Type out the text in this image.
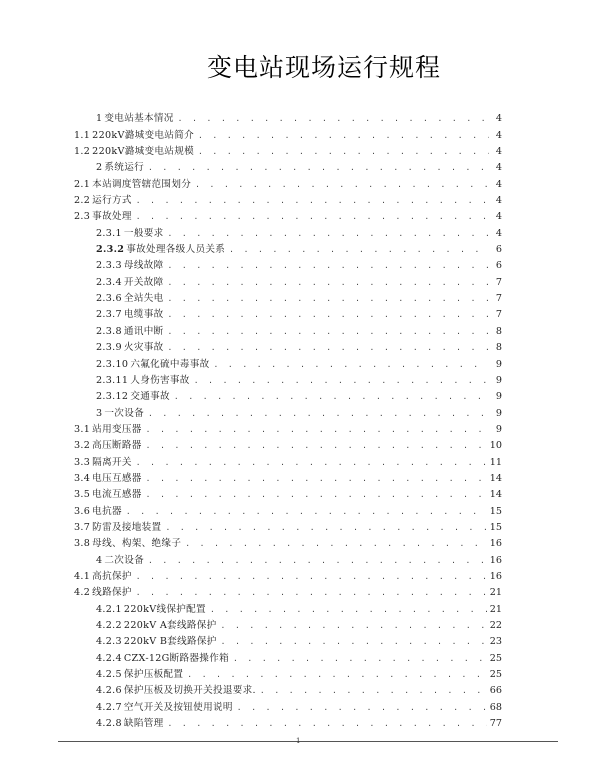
变电站现场运行规程
1 变电站基本情况 . . .	4
1.1 220kV潞城变电站简介 . . .	4
1.2 220kV潞城变电站规模 . . .	4
2 系统运行 . . .	4
2.1 本站调度管辖范围划分 . . .	4
2.2 运行方式 . . .	4
2.3 事故处理 . . .	4
2.3.1 一般要求 . . .	4
2.3.2 事故处理各级人员关系 . . .	6
2.3.3 母线故障 . . .	6
2.3.4 开关故障 . . .	7
2.3.6 全站失电 . . .	7
2.3.7 电缆事故 . . .	7
2.3.8 通讯中断 . . .	8
2.3.9 火灾事故 . . .	8
2.3.10 六氟化硫中毒事故 . . .	9
2.3.11 人身伤害事故 . . .	9
2.3.12 交通事故 . . .	9
3 一次设备 . . .	9
3.1 站用变压器 . . .	9
3.2 高压断路器 . . .	10
3.3 隔离开关 . . .	11
3.4 电压互感器 . . .	14
3.5 电流互感器 . . .	14
3.6 电抗器 . . .	15
3.7 防雷及接地装置 . . .	15
3.8 母线、构架、绝缘子 . . .	16
4 二次设备 . . .	16
4.1 高抗保护 . . .	16
4.2 线路保护 . . .	21
4.2.1 220kV线保护配置 . . .	21
4.2.2 220kV A套线路保护 . . .	22
4.2.3 220kV B套线路保护 . . .	23
4.2.4 CZX-12G断路器操作箱 . . .	25
4.2.5 保护压板配置 . . .	25
4.2.6 保护压板及切换开关投退要求. . . .	66
4.2.7 空气开关及按钮使用说明 . . .	68
4.2.8 缺陷管理 . . .	77
1
